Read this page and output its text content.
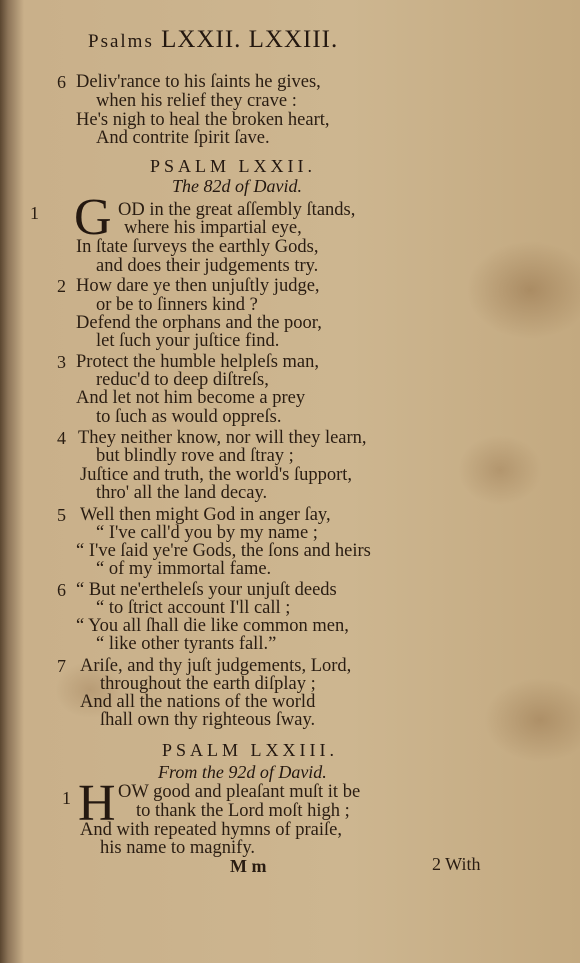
Psalms LXXII. LXXIII.
6 Deliv'rance to his ſaints he gives,
when his relief they crave :
He's nigh to heal the broken heart,
And contrite ſpirit ſave.
PSALM LXXII.
The 82d of David.
1 G OD in the great aſſembly ſtands,
where his impartial eye,
In ſtate ſurveys the earthly Gods,
and does their judgements try.
2 How dare ye then unjuſtly judge,
or be to ſinners kind ?
Defend the orphans and the poor,
let ſuch your juſtice find.
3 Protect the humble helpleſs man,
reduc'd to deep diſtreſs,
And let not him become a prey
to ſuch as would oppreſs.
4 They neither know, nor will they learn,
but blindly rove and ſtray ;
Juſtice and truth, the world's ſupport,
thro' all the land decay.
5 Well then might God in anger ſay,
“ I've call'd you by my name ;
“ I've ſaid ye're Gods, the ſons and heirs
“ of my immortal fame.
6 “ But ne'ertheleſs your unjuſt deeds
“ to ſtrict account I'll call ;
“ You all ſhall die like common men,
“ like other tyrants fall.”
7 Ariſe, and thy juſt judgements, Lord,
throughout the earth diſplay ;
And all the nations of the world
ſhall own thy righteous ſway.
PSALM LXXIII.
From the 92d of David.
1 H OW good and pleaſant muſt it be
to thank the Lord moſt high ;
And with repeated hymns of praiſe,
his name to magnify.
M m	2 With
